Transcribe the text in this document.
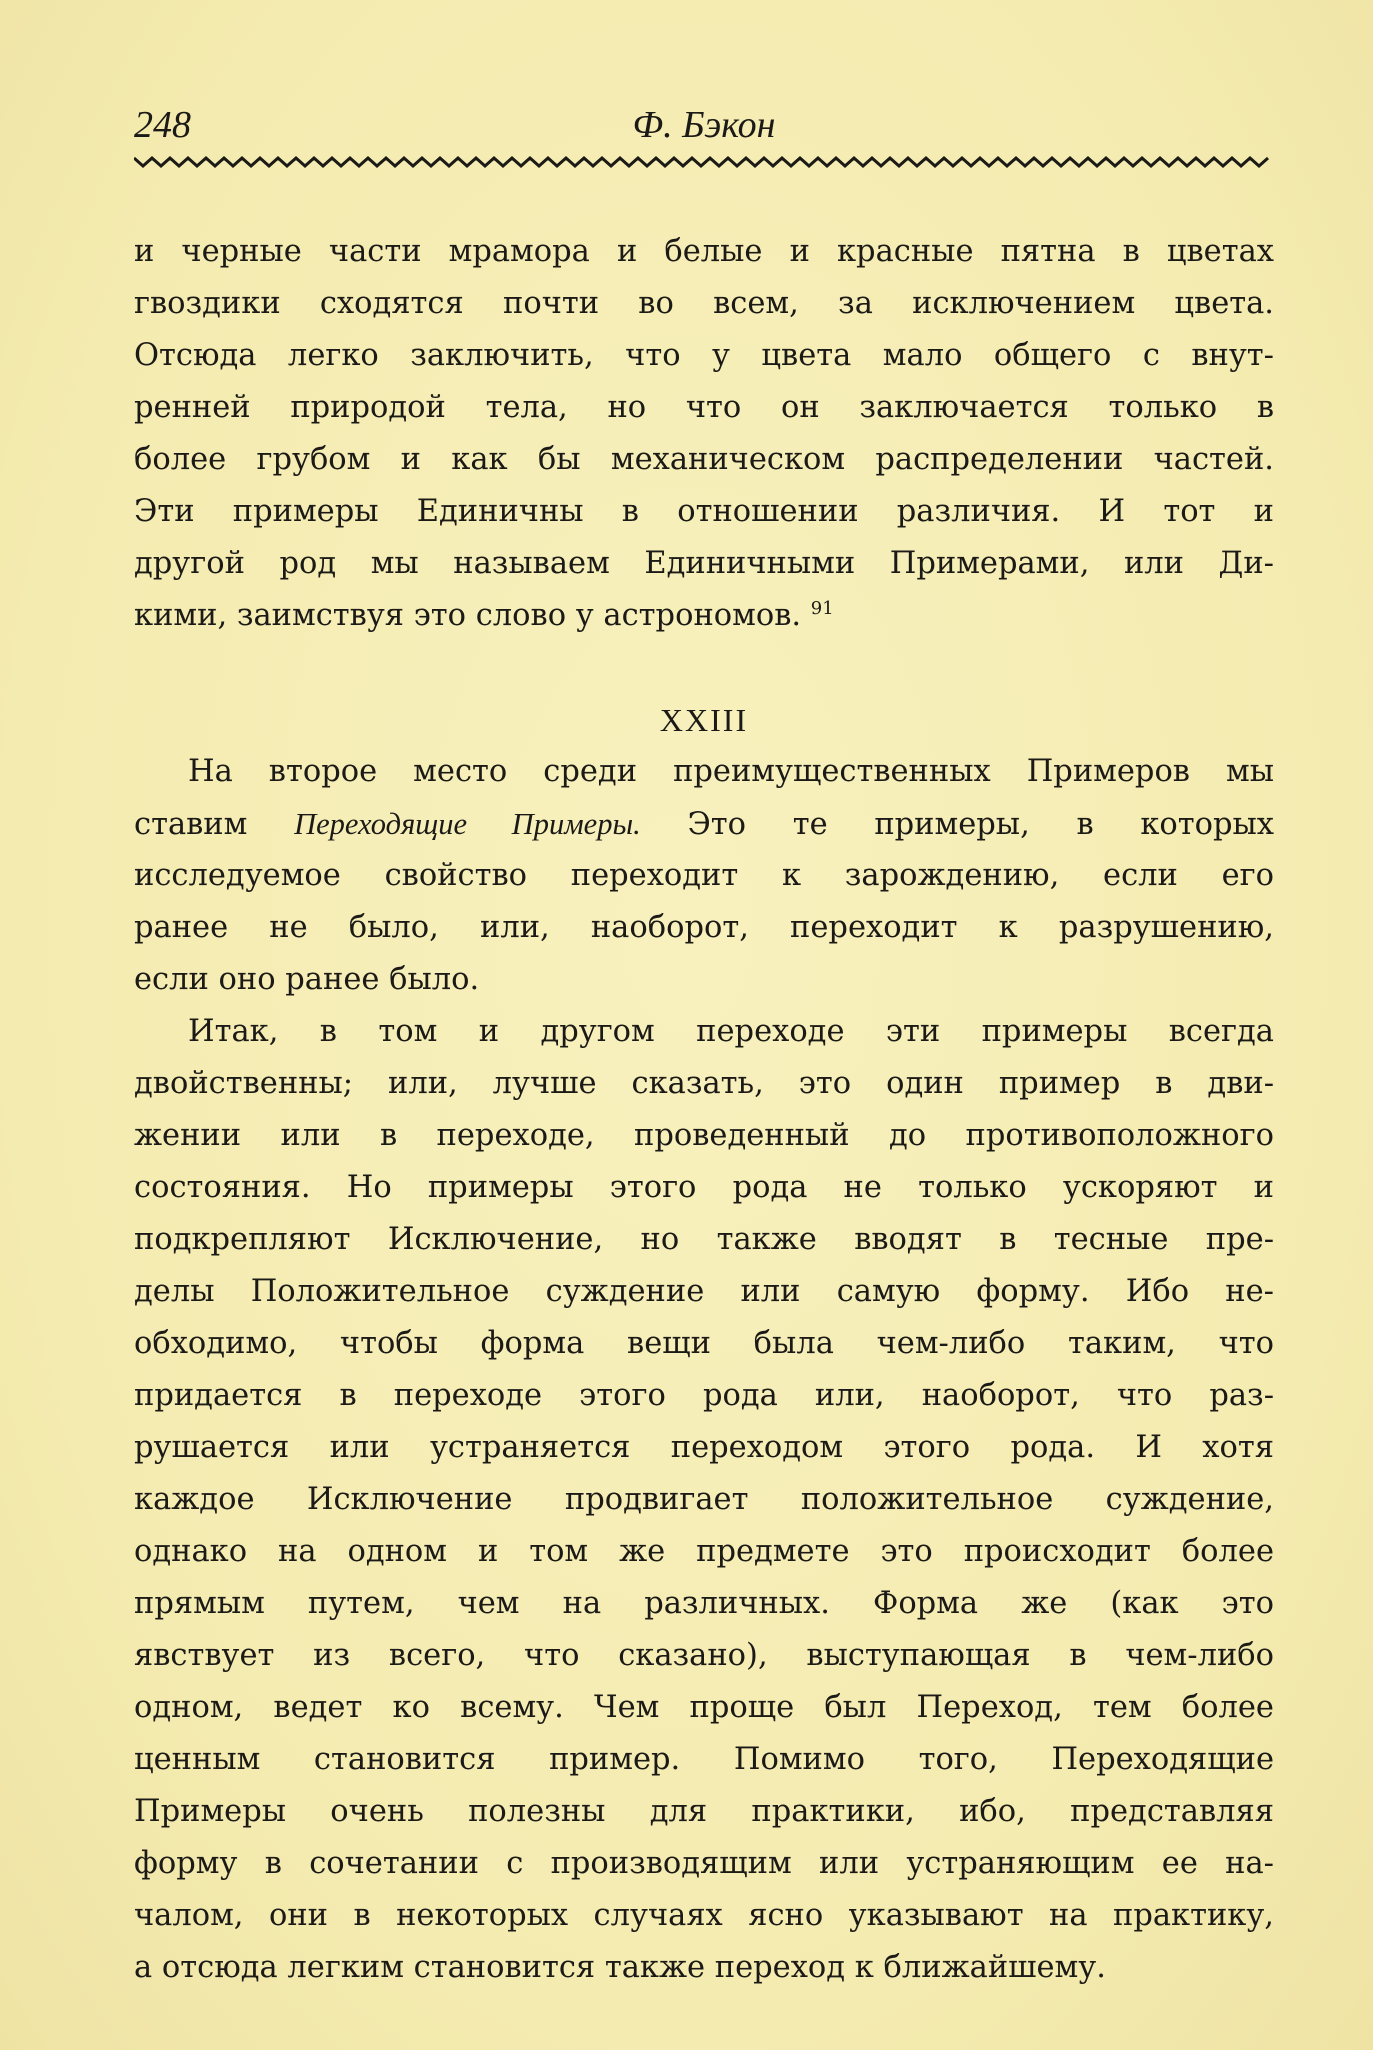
248	Ф. Бэкон
и черные части мрамора и белые и красные пятна в цветах
гвоздики сходятся почти во всем, за исключением цвета.
Отсюда легко заключить, что у цвета мало общего с внут-
ренней природой тела, но что он заключается только в
более грубом и как бы механическом распределении частей.
Эти примеры Единичны в отношении различия. И тот и
другой род мы называем Единичными Примерами, или Ди-
кими, заимствуя это слово у астрономов. $^{91}$
XXIII
На второе место среди преимущественных Примеров мы
ставим Переходящие Примеры. Это те примеры, в которых
исследуемое свойство переходит к зарождению, если его
ранее не было, или, наоборот, переходит к разрушению,
если оно ранее было.
Итак, в том и другом переходе эти примеры всегда
двойственны; или, лучше сказать, это один пример в дви-
жении или в переходе, проведенный до противоположного
состояния. Но примеры этого рода не только ускоряют и
подкрепляют Исключение, но также вводят в тесные пре-
делы Положительное суждение или самую форму. Ибо не-
обходимо, чтобы форма вещи была чем-либо таким, что
придается в переходе этого рода или, наоборот, что раз-
рушается или устраняется переходом этого рода. И хотя
каждое Исключение продвигает положительное суждение,
однако на одном и том же предмете это происходит более
прямым путем, чем на различных. Форма же (как это
явствует из всего, что сказано), выступающая в чем-либо
одном, ведет ко всему. Чем проще был Переход, тем более
ценным становится пример. Помимо того, Переходящие
Примеры очень полезны для практики, ибо, представляя
форму в сочетании с производящим или устраняющим ее на-
чалом, они в некоторых случаях ясно указывают на практику,
а отсюда легким становится также переход к ближайшему.
